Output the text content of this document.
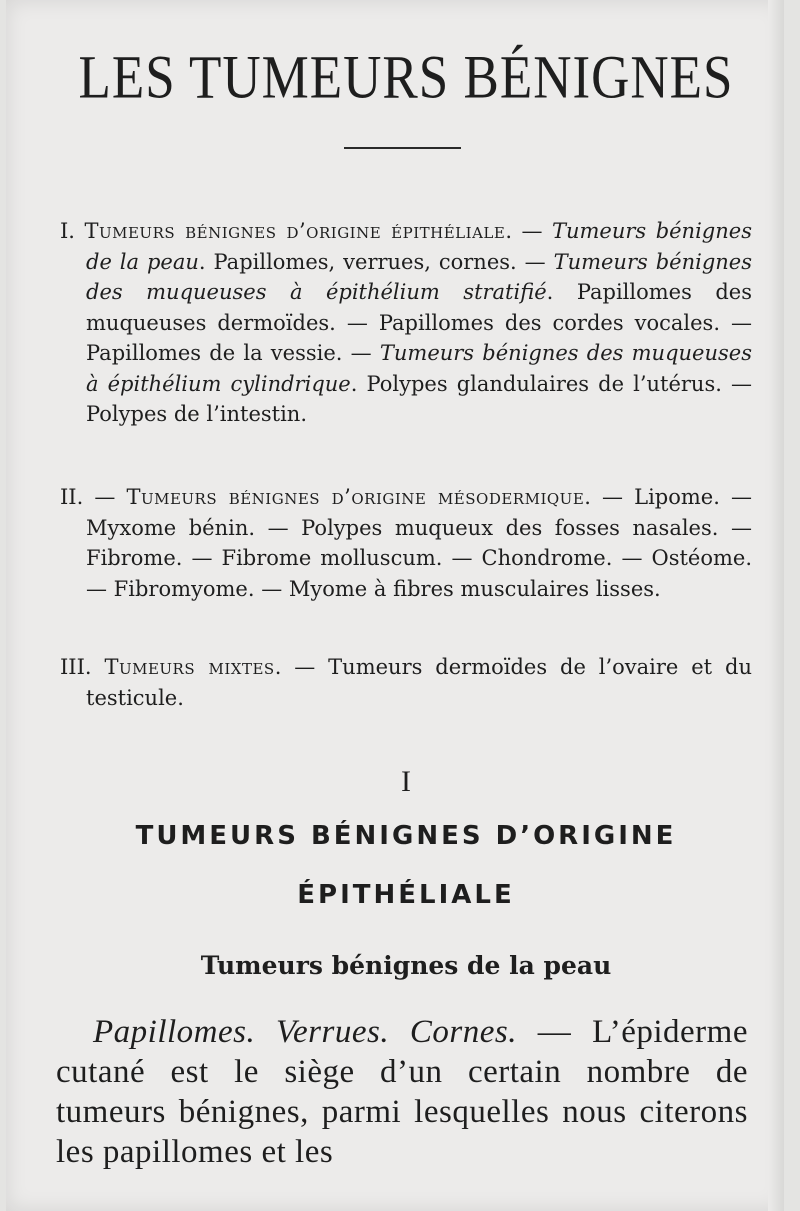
LES TUMEURS BÉNIGNES

I. Tumeurs bénignes d’origine épithéliale. — Tumeurs bénignes de la peau. Papillomes, verrues, cornes. — Tumeurs bénignes des muqueuses à épithélium stratifié. Papillomes des muqueuses dermoïdes. — Papillomes des cordes vocales. — Papillomes de la vessie. — Tumeurs bénignes des muqueuses à épithélium cylindrique. Polypes glandulaires de l’utérus. — Polypes de l’intestin.

II. — Tumeurs bénignes d’origine mésodermique. — Lipome. — Myxome bénin. — Polypes muqueux des fosses nasales. — Fibrome. — Fibrome molluscum. — Chondrome. — Ostéome. — Fibromyome. — Myome à fibres musculaires lisses.

III. Tumeurs mixtes. — Tumeurs dermoïdes de l’ovaire et du testicule.

I
TUMEURS BÉNIGNES D’ORIGINE
ÉPITHÉLIALE
Tumeurs bénignes de la peau

Papillomes. Verrues. Cornes. — L’épiderme cutané est le siège d’un certain nombre de tumeurs bénignes, parmi lesquelles nous citerons les papillomes et les
